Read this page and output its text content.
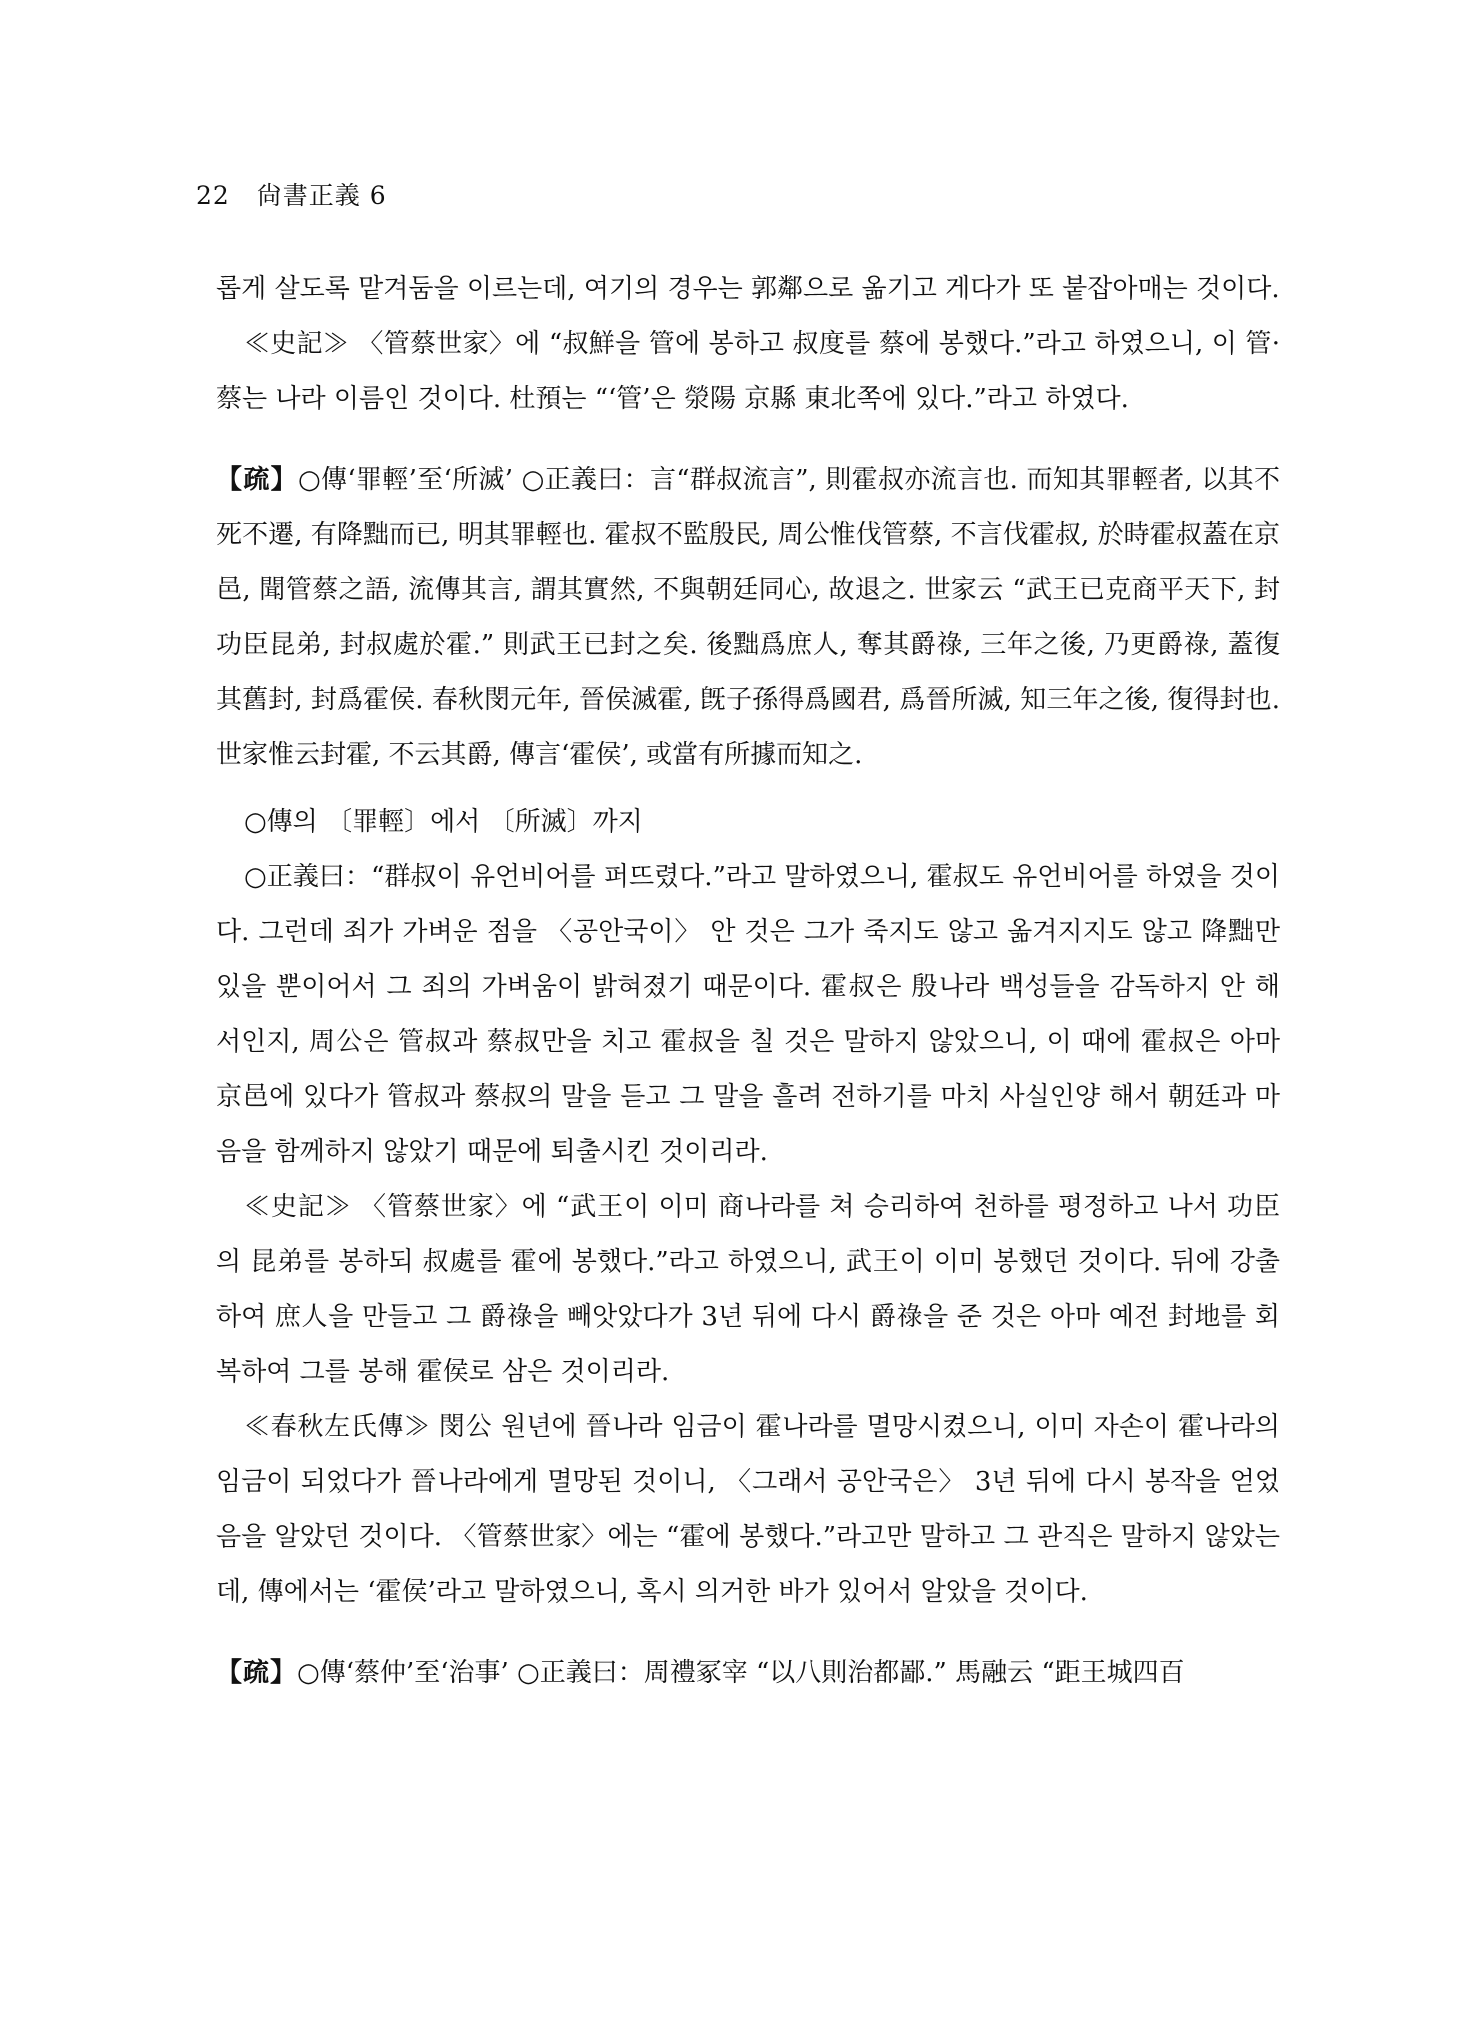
22 尙書正義 6

롭게 살도록 맡겨둠을 이르는데, 여기의 경우는 郭鄰으로 옮기고 게다가 또 붙잡아매는 것이다.

≪史記≫ 〈管蔡世家〉에 “叔鮮을 管에 봉하고 叔度를 蔡에 봉했다.”라고 하였으니, 이 管·蔡는 나라 이름인 것이다. 杜預는 “‘管’은 滎陽 京縣 東北쪽에 있다.”라고 하였다.

【疏】○傳‘罪輕’至‘所滅’ ○正義曰：言“群叔流言”, 則霍叔亦流言也. 而知其罪輕者, 以其不死不遷, 有降黜而已, 明其罪輕也. 霍叔不監殷民, 周公惟伐管蔡, 不言伐霍叔, 於時霍叔蓋在京邑, 聞管蔡之語, 流傳其言, 謂其實然, 不與朝廷同心, 故退之. 世家云 “武王已克商平天下, 封功臣昆弟, 封叔處於霍.” 則武王已封之矣. 後黜爲庶人, 奪其爵祿, 三年之後, 乃更爵祿, 蓋復其舊封, 封爲霍侯. 春秋閔元年, 晉侯滅霍, 旣子孫得爲國君, 爲晉所滅, 知三年之後, 復得封也. 世家惟云封霍, 不云其爵, 傳言‘霍侯’, 或當有所據而知之.

○傳의 〔罪輕〕에서 〔所滅〕까지

○正義曰：“群叔이 유언비어를 퍼뜨렸다.”라고 말하였으니, 霍叔도 유언비어를 하였을 것이다. 그런데 죄가 가벼운 점을 〈공안국이〉 안 것은 그가 죽지도 않고 옮겨지지도 않고 降黜만 있을 뿐이어서 그 죄의 가벼움이 밝혀졌기 때문이다. 霍叔은 殷나라 백성들을 감독하지 안 해서인지, 周公은 管叔과 蔡叔만을 치고 霍叔을 칠 것은 말하지 않았으니, 이 때에 霍叔은 아마 京邑에 있다가 管叔과 蔡叔의 말을 듣고 그 말을 흘려 전하기를 마치 사실인양 해서 朝廷과 마음을 함께하지 않았기 때문에 퇴출시킨 것이리라.

≪史記≫ 〈管蔡世家〉에 “武王이 이미 商나라를 쳐 승리하여 천하를 평정하고 나서 功臣의 昆弟를 봉하되 叔處를 霍에 봉했다.”라고 하였으니, 武王이 이미 봉했던 것이다. 뒤에 강출하여 庶人을 만들고 그 爵祿을 빼앗았다가 3년 뒤에 다시 爵祿을 준 것은 아마 예전 封地를 회복하여 그를 봉해 霍侯로 삼은 것이리라.

≪春秋左氏傳≫ 閔公 원년에 晉나라 임금이 霍나라를 멸망시켰으니, 이미 자손이 霍나라의 임금이 되었다가 晉나라에게 멸망된 것이니, 〈그래서 공안국은〉 3년 뒤에 다시 봉작을 얻었음을 알았던 것이다. 〈管蔡世家〉에는 “霍에 봉했다.”라고만 말하고 그 관직은 말하지 않았는데, 傳에서는 ‘霍侯’라고 말하였으니, 혹시 의거한 바가 있어서 알았을 것이다.

【疏】○傳‘蔡仲’至‘治事’ ○正義曰：周禮冢宰 “以八則治都鄙.” 馬融云 “距王城四百
